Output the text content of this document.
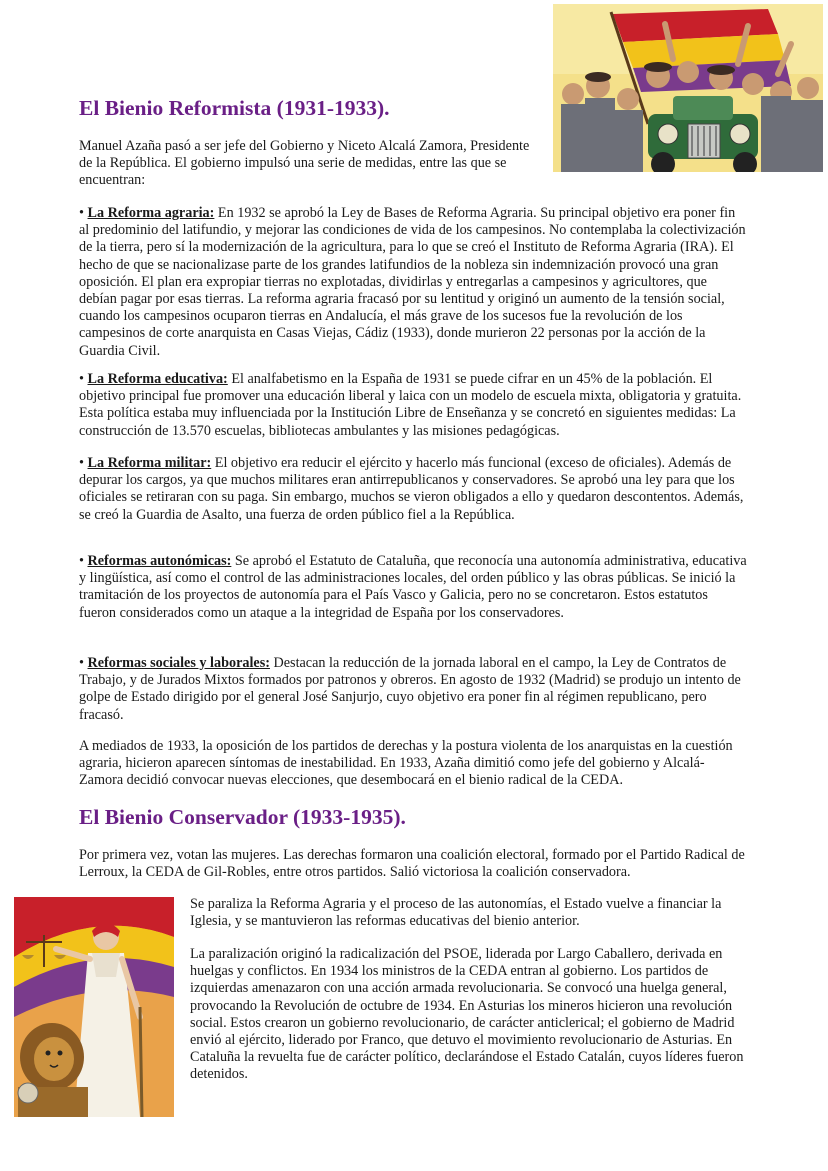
El Bienio Reformista (1931-1933).

Manuel Azaña pasó a ser jefe del Gobierno y Niceto Alcalá Zamora, Presidente de la República. El gobierno impulsó una serie de medidas, entre las que se encuentran:

• La Reforma agraria: En 1932 se aprobó la Ley de Bases de Reforma Agraria. Su principal objetivo era poner fin al predominio del latifundio, y mejorar las condiciones de vida de los campesinos. No contemplaba la colectivización de la tierra, pero sí la modernización de la agricultura, para lo que se creó el Instituto de Reforma Agraria (IRA). El hecho de que se nacionalizase parte de los grandes latifundios de la nobleza sin indemnización provocó una gran oposición. El plan era expropiar tierras no explotadas, dividirlas y entregarlas a campesinos y agricultores, que debían pagar por esas tierras. La reforma agraria fracasó por su lentitud y originó un aumento de la tensión social, cuando los campesinos ocuparon tierras en Andalucía, el más grave de los sucesos fue la revolución de los campesinos de corte anarquista en Casas Viejas, Cádiz (1933), donde murieron 22 personas por la acción de la Guardia Civil.

• La Reforma educativa: El analfabetismo en la España de 1931 se puede cifrar en un 45% de la población. El objetivo principal fue promover una educación liberal y laica con un modelo de escuela mixta, obligatoria y gratuita. Esta política estaba muy influenciada por la Institución Libre de Enseñanza y se concretó en siguientes medidas: La construcción de 13.570 escuelas, bibliotecas ambulantes y las misiones pedagógicas.

• La Reforma militar: El objetivo era reducir el ejército y hacerlo más funcional (exceso de oficiales). Además de depurar los cargos, ya que muchos militares eran antirrepublicanos y conservadores. Se aprobó una ley para que los oficiales se retiraran con su paga. Sin embargo, muchos se vieron obligados a ello y quedaron descontentos. Además, se creó la Guardia de Asalto, una fuerza de orden público fiel a la República.

• Reformas autonómicas: Se aprobó el Estatuto de Cataluña, que reconocía una autonomía administrativa, educativa y lingüística, así como el control de las administraciones locales, del orden público y las obras públicas. Se inició la tramitación de los proyectos de autonomía para el País Vasco y Galicia, pero no se concretaron. Estos estatutos fueron considerados como un ataque a la integridad de España por los conservadores.

• Reformas sociales y laborales: Destacan la reducción de la jornada laboral en el campo, la Ley de Contratos de Trabajo, y de Jurados Mixtos formados por patronos y obreros. En agosto de 1932 (Madrid) se produjo un intento de golpe de Estado dirigido por el general José Sanjurjo, cuyo objetivo era poner fin al régimen republicano, pero fracasó.

A mediados de 1933, la oposición de los partidos de derechas y la postura violenta de los anarquistas en la cuestión agraria, hicieron aparecen síntomas de inestabilidad. En 1933, Azaña dimitió como jefe del gobierno y Alcalá-Zamora decidió convocar nuevas elecciones, que desembocará en el bienio radical de la CEDA.

El Bienio Conservador (1933-1935).

Por primera vez, votan las mujeres. Las derechas formaron una coalición electoral, formado por el Partido Radical de Lerroux, la CEDA de Gil-Robles, entre otros partidos. Salió victoriosa la coalición conservadora.

Se paraliza la Reforma Agraria y el proceso de las autonomías, el Estado vuelve a financiar la Iglesia, y se mantuvieron las reformas educativas del bienio anterior.

La paralización originó la radicalización del PSOE, liderada por Largo Caballero, derivada en huelgas y conflictos. En 1934 los ministros de la CEDA entran al gobierno. Los partidos de izquierdas amenazaron con una acción armada revolucionaria. Se convocó una huelga general, provocando la Revolución de octubre de 1934. En Asturias los mineros hicieron una revolución social. Estos crearon un gobierno revolucionario, de carácter anticlerical; el gobierno de Madrid envió al ejército, liderado por Franco, que detuvo el movimiento revolucionario de Asturias. En Cataluña la revuelta fue de carácter político, declarándose el Estado Catalán, cuyos líderes fueron detenidos.
